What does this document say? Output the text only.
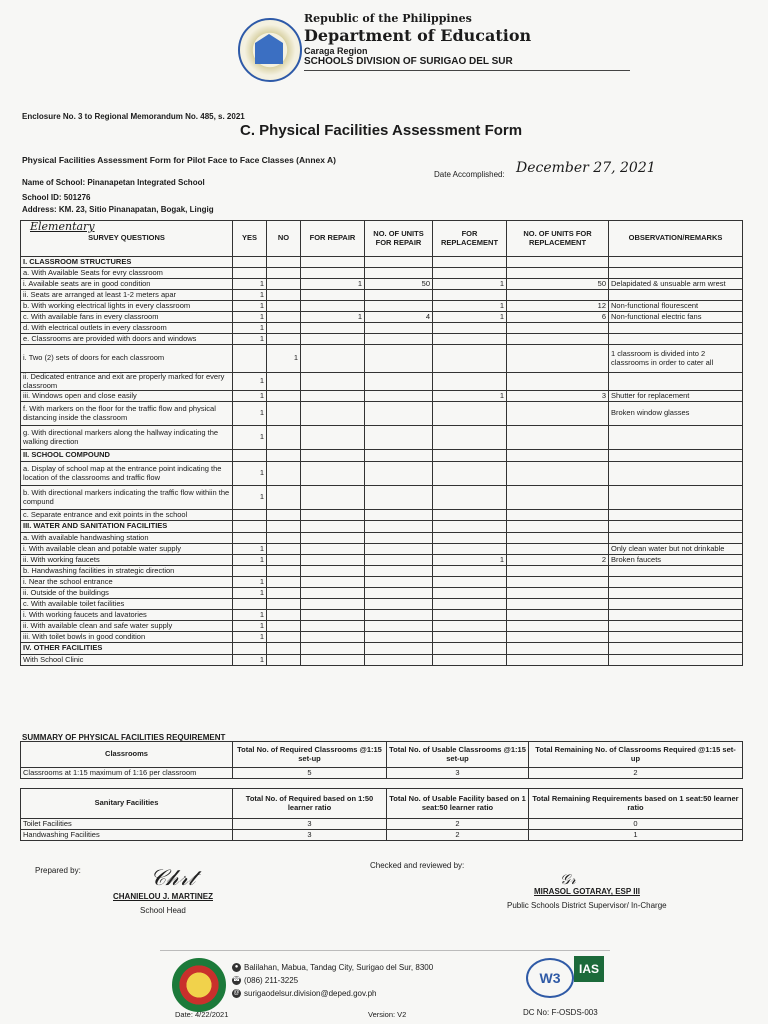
Republic of the Philippines
Department of Education
Caraga Region
SCHOOLS DIVISION OF SURIGAO DEL SUR
Enclosure No. 3 to Regional Memorandum No. 485, s. 2021
C. Physical Facilities Assessment Form
Physical Facilities Assessment Form for Pilot Face to Face Classes (Annex A)
Date Accomplished: December 27, 2021
Name of School: Pinanapetan Integrated School
School ID: 501276
Address: KM. 23, Sitio Pinanapatan, Bogak, Lingig
Elementary
SURVEY QUESTIONS	YES	NO	FOR REPAIR	NO. OF UNITS FOR REPAIR	FOR REPLACEMENT	NO. OF UNITS FOR REPLACEMENT	OBSERVATION/REMARKS
I. CLASSROOM STRUCTURES							
a. With Available Seats for evry classroom							
i. Available seats are in good condition	1		1	50	1	50	Delapidated & unsuable arm wrest
ii. Seats are arranged at least 1-2 meters apar	1						
b. With working electrical lights in every classroom	1				1	12	Non-functional flourescent
c. With available fans in every classroom	1		1	4	1	6	Non-functional electric fans
d. With electrical outlets in every classroom	1						
e. Classrooms are provided with doors and windows	1						
i. Two (2) sets of doors for each classroom		1					1 classroom is divided into 2 classrooms in order to cater all
ii. Dedicated entrance and exit are properly marked for every classroom	1						
iii. Windows open and close easily	1				1	3	Shutter for replacement
f. With markers on the floor for the traffic flow and physical distancing inside the classroom	1						Broken window glasses
g. With directional markers along the hallway indicating the walking direction	1						
II. SCHOOL COMPOUND							
a. Display of school map at the entrance point indicating the location of the classrooms and traffic flow	1						
b. With directional markers indicating the traffic flow withiin the compund	1						
c. Separate entrance and exit points in the school							
III. WATER AND SANITATION FACILITIES							
a. With available handwashing station							
i. With available clean and potable water supply	1						Only clean water but not drinkable
ii. With working faucets	1				1	2	Broken faucets
b. Handwashing facilities in strategic direction							
i. Near the school entrance	1						
ii. Outside of the buildings	1						
c. With available toilet facilities							
i. With working faucets and lavatories	1						
ii. With available clean and safe water supply	1						
iii. With toilet bowls in good condition	1						
IV. OTHER FACILITIES							
With School Clinic	1						
SUMMARY OF PHYSICAL FACILITIES REQUIREMENT
Classrooms	Total No. of Required Classrooms @1:15 set-up	Total No. of Usable Classrooms @1:15 set-up	Total Remaining No. of Classrooms Required @1:15 set-up
Classrooms at 1:15 maximum of 1:16 per classroom	5	3	2
Sanitary Facilities	Total No. of Required based on 1:50 learner ratio	Total No. of Usable Facility based on 1 seat:50 learner ratio	Total Remaining Requirements based on 1 seat:50 learner ratio
Toilet Facilities	3	2	0
Handwashing Facilities	3	2	1
Prepared by:	𝒞𝒽𝓇𝓉
CHANIELOU J. MARTINEZ
School Head
Checked and reviewed by:
𝒢𝓇
MIRASOL GOTARAY, ESP III
Public Schools District Supervisor/ In-Charge
● Balilahan, Mabua, Tandag City, Surigao del Sur, 8300
☎ (086) 211-3225
@ surigaodelsur.division@deped.gov.ph
Date: 4/22/2021	Version: V2	DC No: F-OSDS-003
W3
IAS
